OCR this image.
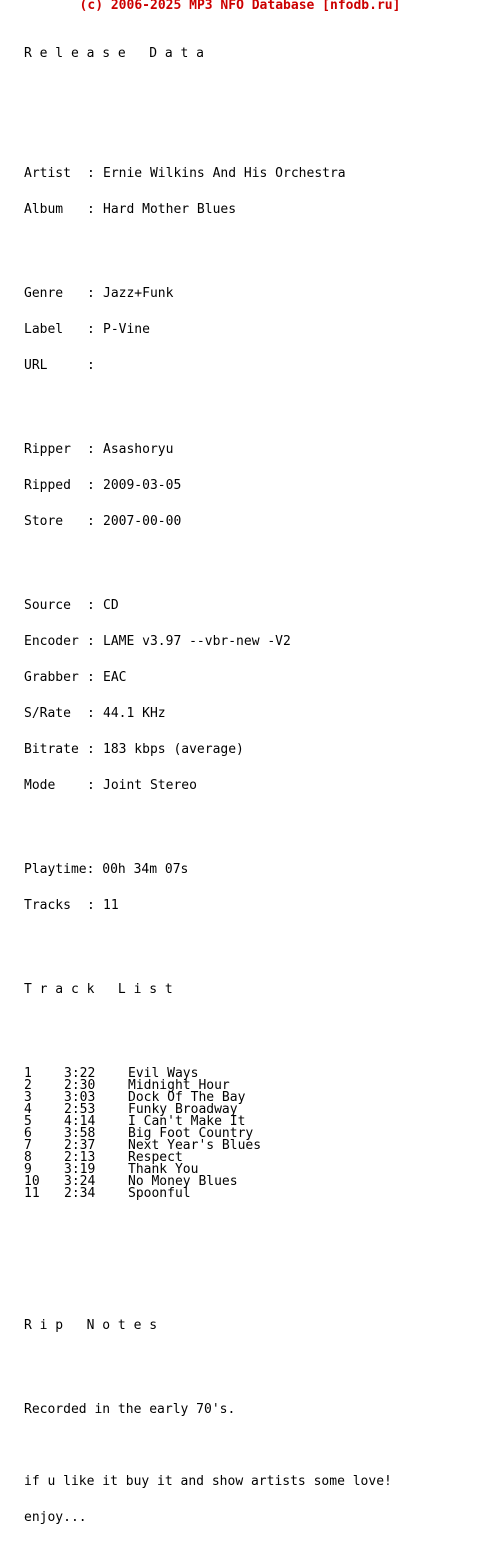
(c) 2006-2025 MP3 NFO Database [nfodb.ru]

R e l e a s e   D a t a

Artist : Ernie Wilkins And His Orchestra

Album : Hard Mother Blues

Genre : Jazz+Funk

Label : P-Vine

URL	:

Ripper : Asashoryu

Ripped : 2009-03-05

Store : 2007-00-00

Source : CD

Encoder : LAME v3.97 --vbr-new -V2

Grabber : EAC

S/Rate : 44.1 KHz

Bitrate : 183 kbps (average)

Mode : Joint Stereo

Playtime: 00h 34m 07s

Tracks : 11

T r a c k   L i s t

1 3:22	Evil Ways
2 2:30	Midnight Hour
3 3:03	Dock Of The Bay
4 2:53	Funky Broadway
5 4:14	I Can't Make It
6 3:58	Big Foot Country
7 2:37	Next Year's Blues
8 2:13	Respect
9 3:19	Thank You
10 3:24	No Money Blues
11 2:34	Spoonful

R i p   N o t e s

Recorded in the early 70's.

if u like it buy it and show artists some love!

enjoy...
